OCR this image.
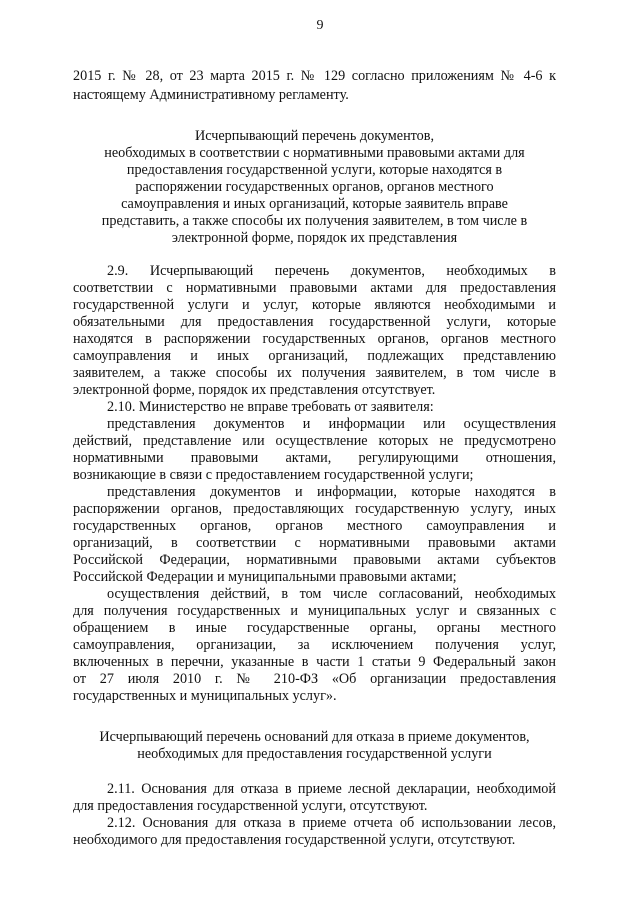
9
2015 г. № 28, от 23 марта 2015 г. № 129 согласно приложениям № 4-6 к
настоящему Административному регламенту.
Исчерпывающий перечень документов,
необходимых в соответствии с нормативными правовыми актами для
предоставления государственной услуги, которые находятся в
распоряжении государственных органов, органов местного
самоуправления и иных организаций, которые заявитель вправе
представить, а также способы их получения заявителем, в том числе в
электронной форме, порядок их представления
2.9. Исчерпывающий перечень документов, необходимых в
соответствии с нормативными правовыми актами для предоставления
государственной услуги и услуг, которые являются необходимыми и
обязательными для предоставления государственной услуги, которые
находятся в распоряжении государственных органов, органов местного
самоуправления и иных организаций, подлежащих представлению
заявителем, а также способы их получения заявителем, в том числе в
электронной форме, порядок их представления отсутствует.
2.10. Министерство не вправе требовать от заявителя:
представления документов и информации или осуществления
действий, представление или осуществление которых не предусмотрено
нормативными правовыми актами, регулирующими отношения,
возникающие в связи с предоставлением государственной услуги;
представления документов и информации, которые находятся в
распоряжении органов, предоставляющих государственную услугу, иных
государственных органов, органов местного самоуправления и
организаций, в соответствии с нормативными правовыми актами
Российской Федерации, нормативными правовыми актами субъектов
Российской Федерации и муниципальными правовыми актами;
осуществления действий, в том числе согласований, необходимых
для получения государственных и муниципальных услуг и связанных с
обращением в иные государственные органы, органы местного
самоуправления, организации, за исключением получения услуг,
включенных в перечни, указанные в части 1 статьи 9 Федеральный закон
от 27 июля 2010 г. № 210-ФЗ «Об организации предоставления
государственных и муниципальных услуг».
Исчерпывающий перечень оснований для отказа в приеме документов,
необходимых для предоставления государственной услуги
2.11. Основания для отказа в приеме лесной декларации, необходимой
для предоставления государственной услуги, отсутствуют.
2.12. Основания для отказа в приеме отчета об использовании лесов,
необходимого для предоставления государственной услуги, отсутствуют.
